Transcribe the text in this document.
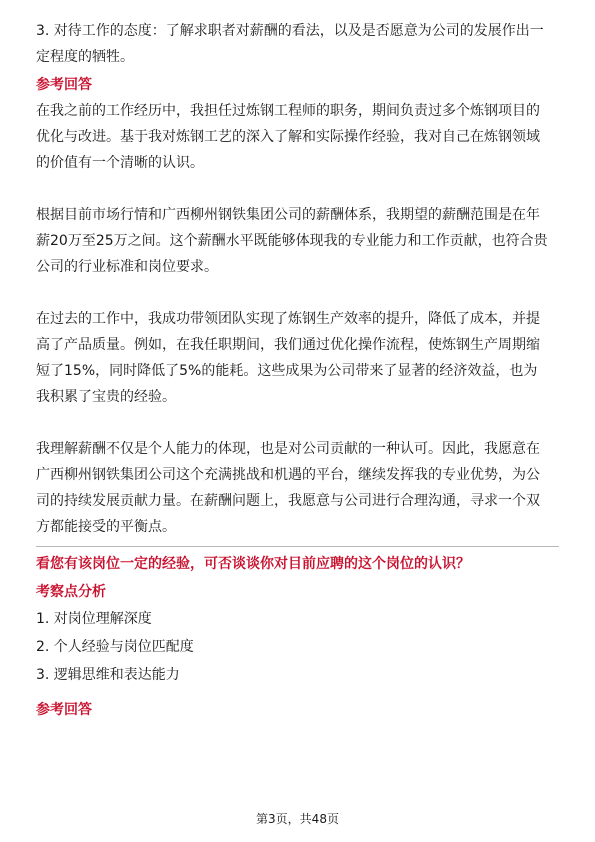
3. 对待工作的态度：了解求职者对薪酬的看法，以及是否愿意为公司的发展作出一

定程度的牺牲。

参考回答

在我之前的工作经历中，我担任过炼钢工程师的职务，期间负责过多个炼钢项目的

优化与改进。基于我对炼钢工艺的深入了解和实际操作经验，我对自己在炼钢领域

的价值有一个清晰的认识。

根据目前市场行情和广西柳州钢铁集团公司的薪酬体系，我期望的薪酬范围是在年

薪20万至25万之间。这个薪酬水平既能够体现我的专业能力和工作贡献，也符合贵

公司的行业标准和岗位要求。

在过去的工作中，我成功带领团队实现了炼钢生产效率的提升，降低了成本，并提

高了产品质量。例如，在我任职期间，我们通过优化操作流程，使炼钢生产周期缩

短了15%，同时降低了5%的能耗。这些成果为公司带来了显著的经济效益，也为

我积累了宝贵的经验。

我理解薪酬不仅是个人能力的体现，也是对公司贡献的一种认可。因此，我愿意在

广西柳州钢铁集团公司这个充满挑战和机遇的平台，继续发挥我的专业优势，为公

司的持续发展贡献力量。在薪酬问题上，我愿意与公司进行合理沟通，寻求一个双

方都能接受的平衡点。

看您有该岗位一定的经验，可否谈谈你对目前应聘的这个岗位的认识？

考察点分析

1. 对岗位理解深度

2. 个人经验与岗位匹配度

3. 逻辑思维和表达能力

参考回答

第3页，共48页
